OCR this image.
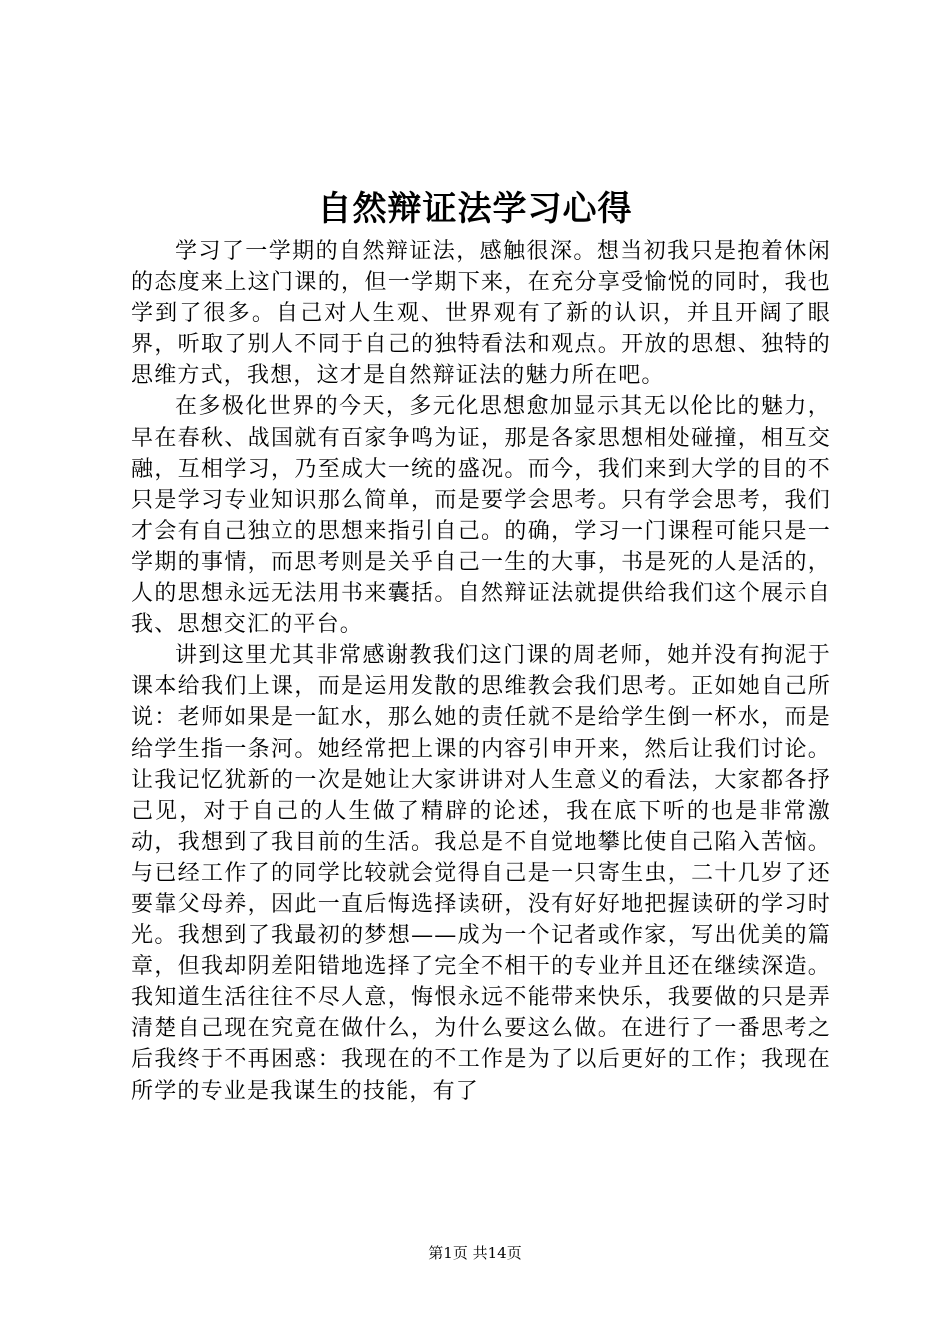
自然辩证法学习心得

学习了一学期的自然辩证法，感触很深。想当初我只是抱着休闲的态度来上这门课的，但一学期下来，在充分享受愉悦的同时，我也学到了很多。自己对人生观、世界观有了新的认识，并且开阔了眼界，听取了别人不同于自己的独特看法和观点。开放的思想、独特的思维方式，我想，这才是自然辩证法的魅力所在吧。

在多极化世界的今天，多元化思想愈加显示其无以伦比的魅力，早在春秋、战国就有百家争鸣为证，那是各家思想相处碰撞，相互交融，互相学习，乃至成大一统的盛况。而今，我们来到大学的目的不只是学习专业知识那么简单，而是要学会思考。只有学会思考，我们才会有自己独立的思想来指引自己。的确，学习一门课程可能只是一学期的事情，而思考则是关乎自己一生的大事，书是死的人是活的，人的思想永远无法用书来囊括。自然辩证法就提供给我们这个展示自我、思想交汇的平台。

讲到这里尤其非常感谢教我们这门课的周老师，她并没有拘泥于课本给我们上课，而是运用发散的思维教会我们思考。正如她自己所说：老师如果是一缸水，那么她的责任就不是给学生倒一杯水，而是给学生指一条河。她经常把上课的内容引申开来，然后让我们讨论。让我记忆犹新的一次是她让大家讲讲对人生意义的看法，大家都各抒己见，对于自己的人生做了精辟的论述，我在底下听的也是非常激动，我想到了我目前的生活。我总是不自觉地攀比使自己陷入苦恼。与已经工作了的同学比较就会觉得自己是一只寄生虫，二十几岁了还要靠父母养，因此一直后悔选择读研，没有好好地把握读研的学习时光。我想到了我最初的梦想——成为一个记者或作家，写出优美的篇章，但我却阴差阳错地选择了完全不相干的专业并且还在继续深造。我知道生活往往不尽人意，悔恨永远不能带来快乐，我要做的只是弄清楚自己现在究竟在做什么，为什么要这么做。在进行了一番思考之后我终于不再困惑：我现在的不工作是为了以后更好的工作；我现在所学的专业是我谋生的技能，有了

第1页 共14页
